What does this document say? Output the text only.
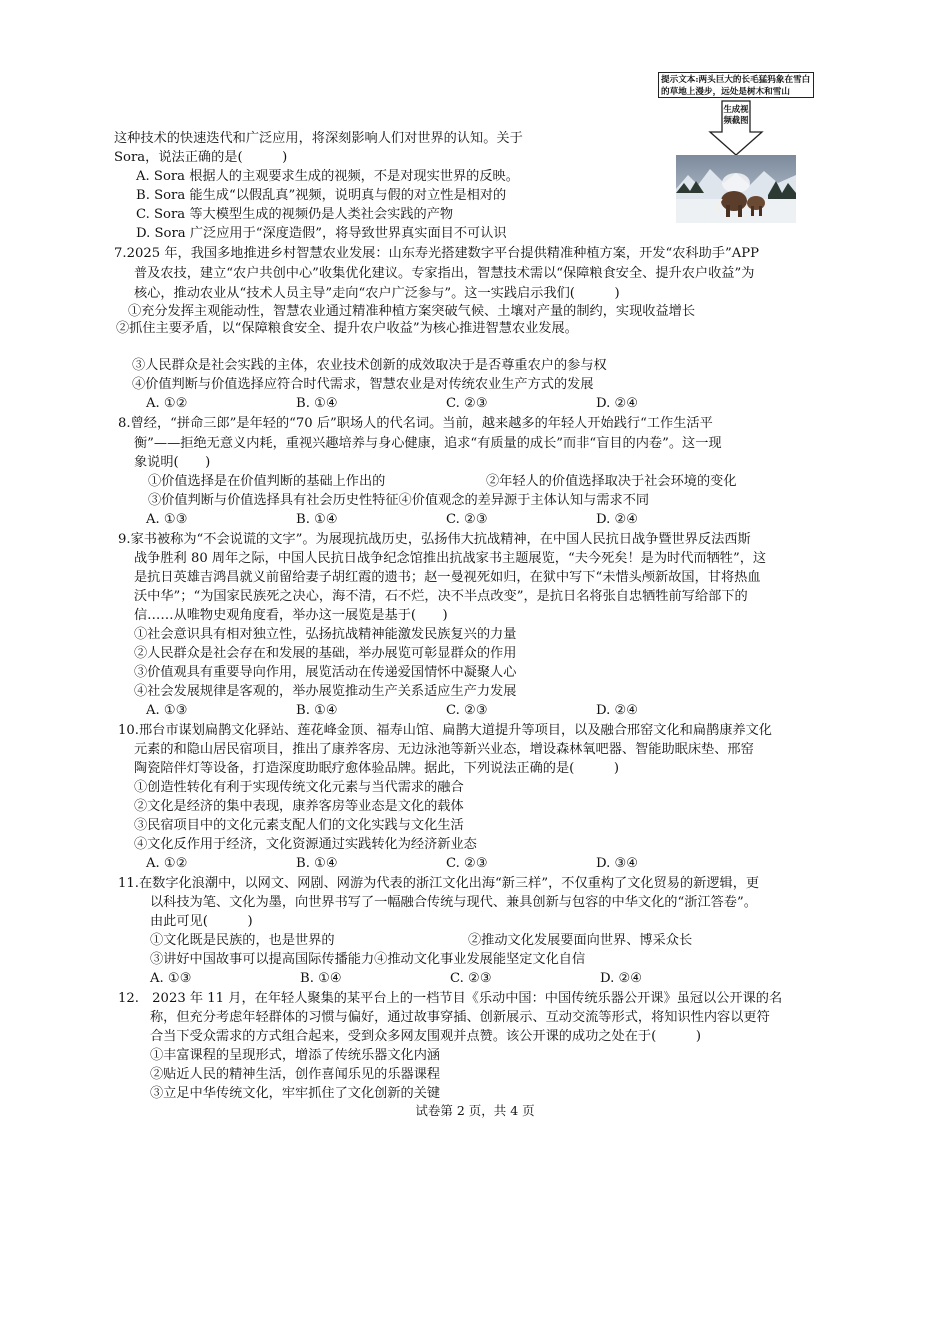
提示文本:两头巨大的长毛猛犸象在雪白的草地上漫步，远处是树木和雪山
生成视频截图
这种技术的快速迭代和广泛应用，将深刻影响人们对世界的认知。关于
Sora，说法正确的是(　　　)
A. Sora 根据人的主观要求生成的视频，不是对现实世界的反映。
B. Sora 能生成“以假乱真”视频，说明真与假的对立性是相对的
C. Sora 等大模型生成的视频仍是人类社会实践的产物
D. Sora 广泛应用于“深度造假”，将导致世界真实面目不可认识
7.2025 年，我国多地推进乡村智慧农业发展：山东寿光搭建数字平台提供精准种植方案，开发“农科助手”APP
普及农技，建立“农户共创中心”收集优化建议。专家指出，智慧技术需以“保障粮食安全、提升农户收益”为
核心，推动农业从“技术人员主导”走向“农户广泛参与”。这一实践启示我们(　　　)
①充分发挥主观能动性，智慧农业通过精准种植方案突破气候、土壤对产量的制约，实现收益增长
②抓住主要矛盾，以“保障粮食安全、提升农户收益”为核心推进智慧农业发展。
③人民群众是社会实践的主体，农业技术创新的成效取决于是否尊重农户的参与权
④价值判断与价值选择应符合时代需求，智慧农业是对传统农业生产方式的发展
A. ①②	B. ①④	C. ②③	D. ②④
8.曾经，“拼命三郎”是年轻的“70 后”职场人的代名词。当前，越来越多的年轻人开始践行“工作生活平
衡”——拒绝无意义内耗，重视兴趣培养与身心健康，追求“有质量的成长”而非“盲目的内卷”。这一现
象说明(　　)
①价值选择是在价值判断的基础上作出的	②年轻人的价值选择取决于社会环境的变化
③价值判断与价值选择具有社会历史性特征④价值观念的差异源于主体认知与需求不同
A. ①③	B. ①④	C. ②③	D. ②④
9.家书被称为“不会说谎的文字”。为展现抗战历史，弘扬伟大抗战精神，在中国人民抗日战争暨世界反法西斯
战争胜利 80 周年之际，中国人民抗日战争纪念馆推出抗战家书主题展览，“夫今死矣！是为时代而牺牲”，这
是抗日英雄吉鸿昌就义前留给妻子胡红霞的遗书；赵一曼视死如归，在狱中写下“未惜头颅新故国，甘将热血
沃中华”；“为国家民族死之决心，海不清，石不烂，决不半点改变”，是抗日名将张自忠牺牲前写给部下的
信……从唯物史观角度看，举办这一展览是基于(　　)
①社会意识具有相对独立性，弘扬抗战精神能激发民族复兴的力量
②人民群众是社会存在和发展的基础，举办展览可彰显群众的作用
③价值观具有重要导向作用，展览活动在传递爱国情怀中凝聚人心
④社会发展规律是客观的，举办展览推动生产关系适应生产力发展
A. ①③	B. ①④	C. ②③	D. ②④
10.邢台市谋划扁鹊文化驿站、莲花峰金顶、福寿山馆、扁鹊大道提升等项目，以及融合邢窑文化和扁鹊康养文化
元素的和隐山居民宿项目，推出了康养客房、无边泳池等新兴业态，增设森林氧吧器、智能助眠床垫、邢窑
陶瓷陪伴灯等设备，打造深度助眠疗愈体验品牌。据此，下列说法正确的是(　　　)
①创造性转化有利于实现传统文化元素与当代需求的融合
②文化是经济的集中表现，康养客房等业态是文化的载体
③民宿项目中的文化元素支配人们的文化实践与文化生活
④文化反作用于经济，文化资源通过实践转化为经济新业态
A. ①②	B. ①④	C. ②③	D. ③④
11.在数字化浪潮中，以网文、网剧、网游为代表的浙江文化出海“新三样”，不仅重构了文化贸易的新逻辑，更
以科技为笔、文化为墨，向世界书写了一幅融合传统与现代、兼具创新与包容的中华文化的“浙江答卷”。
由此可见(　　　)
①文化既是民族的，也是世界的	②推动文化发展要面向世界、博采众长
③讲好中国故事可以提高国际传播能力④推动文化事业发展能坚定文化自信
A. ①③	B. ①④	C. ②③	D. ②④
12.　2023 年 11 月，在年轻人聚集的某平台上的一档节目《乐动中国：中国传统乐器公开课》虽冠以公开课的名
称，但充分考虑年轻群体的习惯与偏好，通过故事穿插、创新展示、互动交流等形式，将知识性内容以更符
合当下受众需求的方式组合起来，受到众多网友围观并点赞。该公开课的成功之处在于(　　　)
①丰富课程的呈现形式，增添了传统乐器文化内涵
②贴近人民的精神生活，创作喜闻乐见的乐器课程
③立足中华传统文化，牢牢抓住了文化创新的关键
试卷第 2 页，共 4 页
